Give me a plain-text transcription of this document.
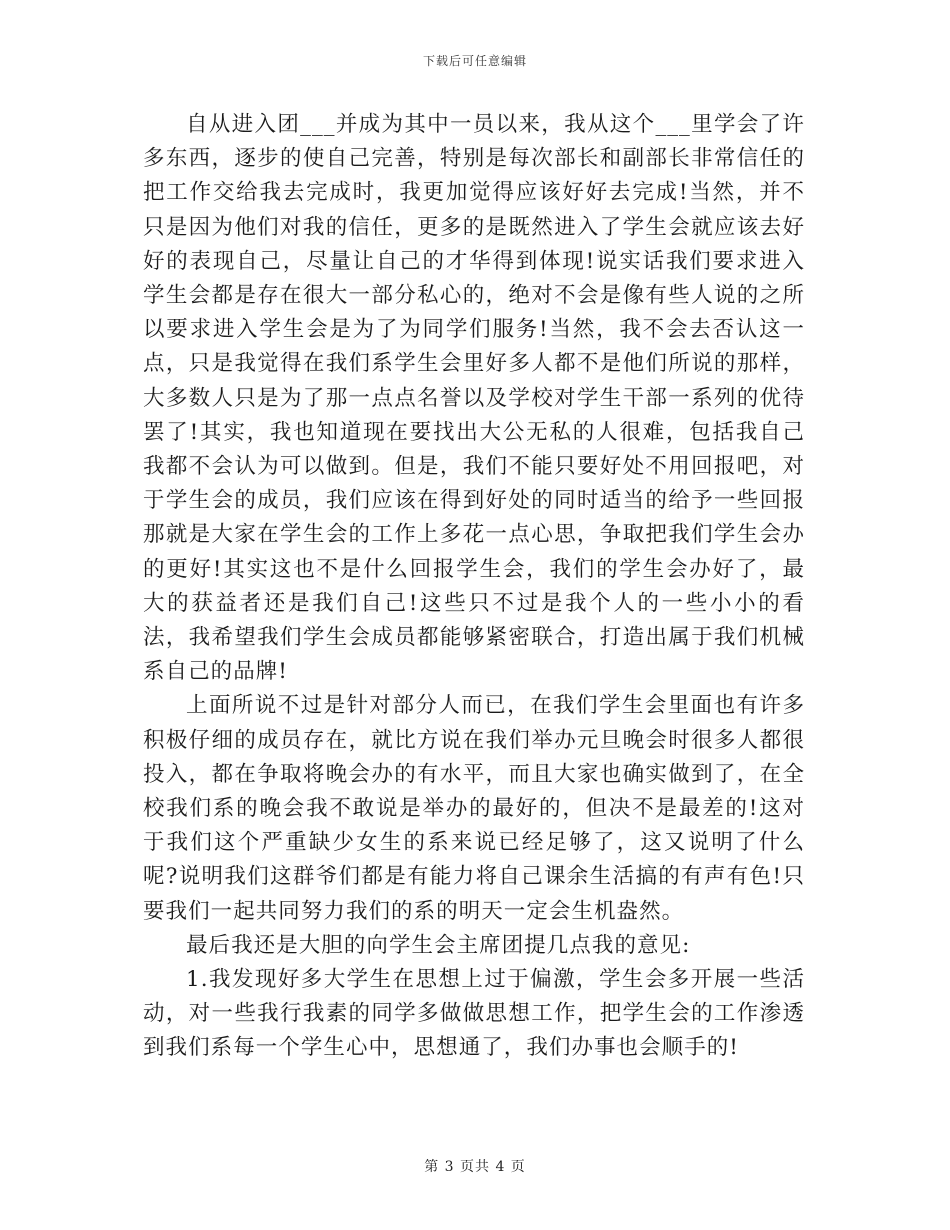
下载后可任意编辑

自从进入团___并成为其中一员以来，我从这个___里学会了许多东西，逐步的使自己完善，特别是每次部长和副部长非常信任的把工作交给我去完成时，我更加觉得应该好好去完成!当然，并不只是因为他们对我的信任，更多的是既然进入了学生会就应该去好好的表现自己，尽量让自己的才华得到体现!说实话我们要求进入学生会都是存在很大一部分私心的，绝对不会是像有些人说的之所以要求进入学生会是为了为同学们服务!当然，我不会去否认这一点，只是我觉得在我们系学生会里好多人都不是他们所说的那样，大多数人只是为了那一点点名誉以及学校对学生干部一系列的优待罢了!其实，我也知道现在要找出大公无私的人很难，包括我自己我都不会认为可以做到。但是，我们不能只要好处不用回报吧，对于学生会的成员，我们应该在得到好处的同时适当的给予一些回报那就是大家在学生会的工作上多花一点心思，争取把我们学生会办的更好!其实这也不是什么回报学生会，我们的学生会办好了，最大的获益者还是我们自己!这些只不过是我个人的一些小小的看法，我希望我们学生会成员都能够紧密联合，打造出属于我们机械系自己的品牌!

上面所说不过是针对部分人而已，在我们学生会里面也有许多积极仔细的成员存在，就比方说在我们举办元旦晚会时很多人都很投入，都在争取将晚会办的有水平，而且大家也确实做到了，在全校我们系的晚会我不敢说是举办的最好的，但决不是最差的!这对于我们这个严重缺少女生的系来说已经足够了，这又说明了什么呢?说明我们这群爷们都是有能力将自己课余生活搞的有声有色!只要我们一起共同努力我们的系的明天一定会生机盎然。

最后我还是大胆的向学生会主席团提几点我的意见:

1.我发现好多大学生在思想上过于偏激，学生会多开展一些活动，对一些我行我素的同学多做做思想工作，把学生会的工作渗透到我们系每一个学生心中，思想通了，我们办事也会顺手的!

第 3 页共 4 页
